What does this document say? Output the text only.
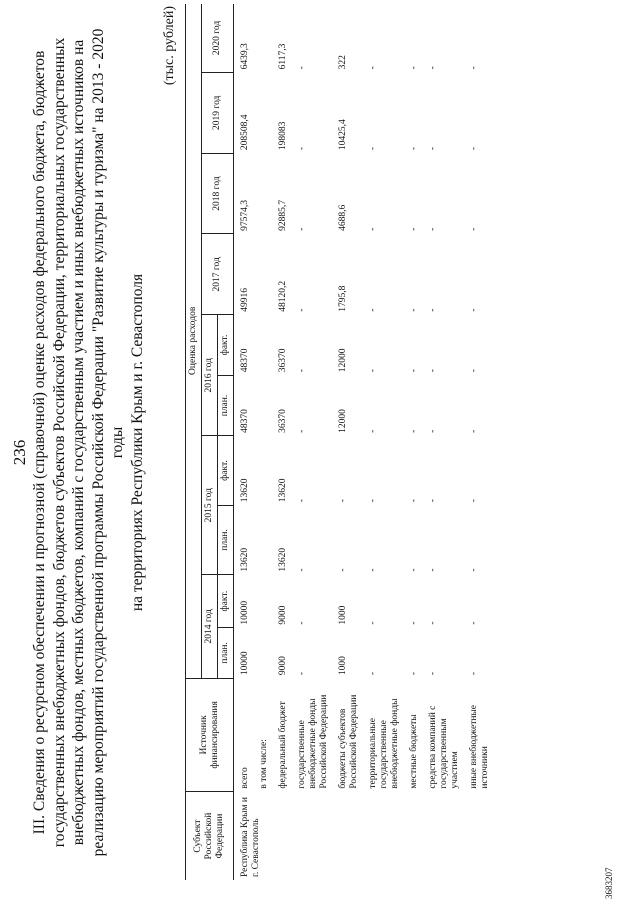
236 III. Сведения о ресурсном обеспечении и прогнозной (справочной) оценке расходов федерального бюджета, бюджетов государственных внебюджетных фондов, бюджетов субъектов Российской Федерации, территориальных государственных внебюджетных фондов, местных бюджетов, компаний с государственным участием и иных внебюджетных источников на реализацию мероприятий государственной программы Российской Федерации "Развитие культуры и туризма" на 2013 - 2020 годы на территориях Республики Крым и г. Севастополя
(тыс. рублей)
Субъект Российской Федерации	Источник финансирования	Оценка расходов									
		2014 год		2015 год		2016 год		2017 год	2018 год	2019 год	2020 год
		план.	факт.	план.	факт.	план.	факт.				

Республика Крым и г. Севастополь	всего	10000	10000	13620	13620	48370	48370	49916	97574,3	208508,4	6439,3
	в том числе:										
	федеральный бюджет	9000	9000	13620	13620	36370	36370	48120,2	92885,7	198083	6117,3
	государственные внебюджетные фонды Российской Федерации	-	-	-	-	-	-	-	-	-	-
	бюджеты субъектов Российской Федерации	1000	1000	-	-	12000	12000	1795,8	4688,6	10425,4	322
	территориальные государственные внебюджетные фонды	-	-	-	-	-	-	-	-	-	-
	местные бюджеты	-	-	-	-	-	-	-	-	-	-
	средства компаний с государственным участием	-	-	-	-	-	-	-	-	-	-
	иные внебюджетные источники	-	-	-	-	-	-	-	-	-	-
3683207
